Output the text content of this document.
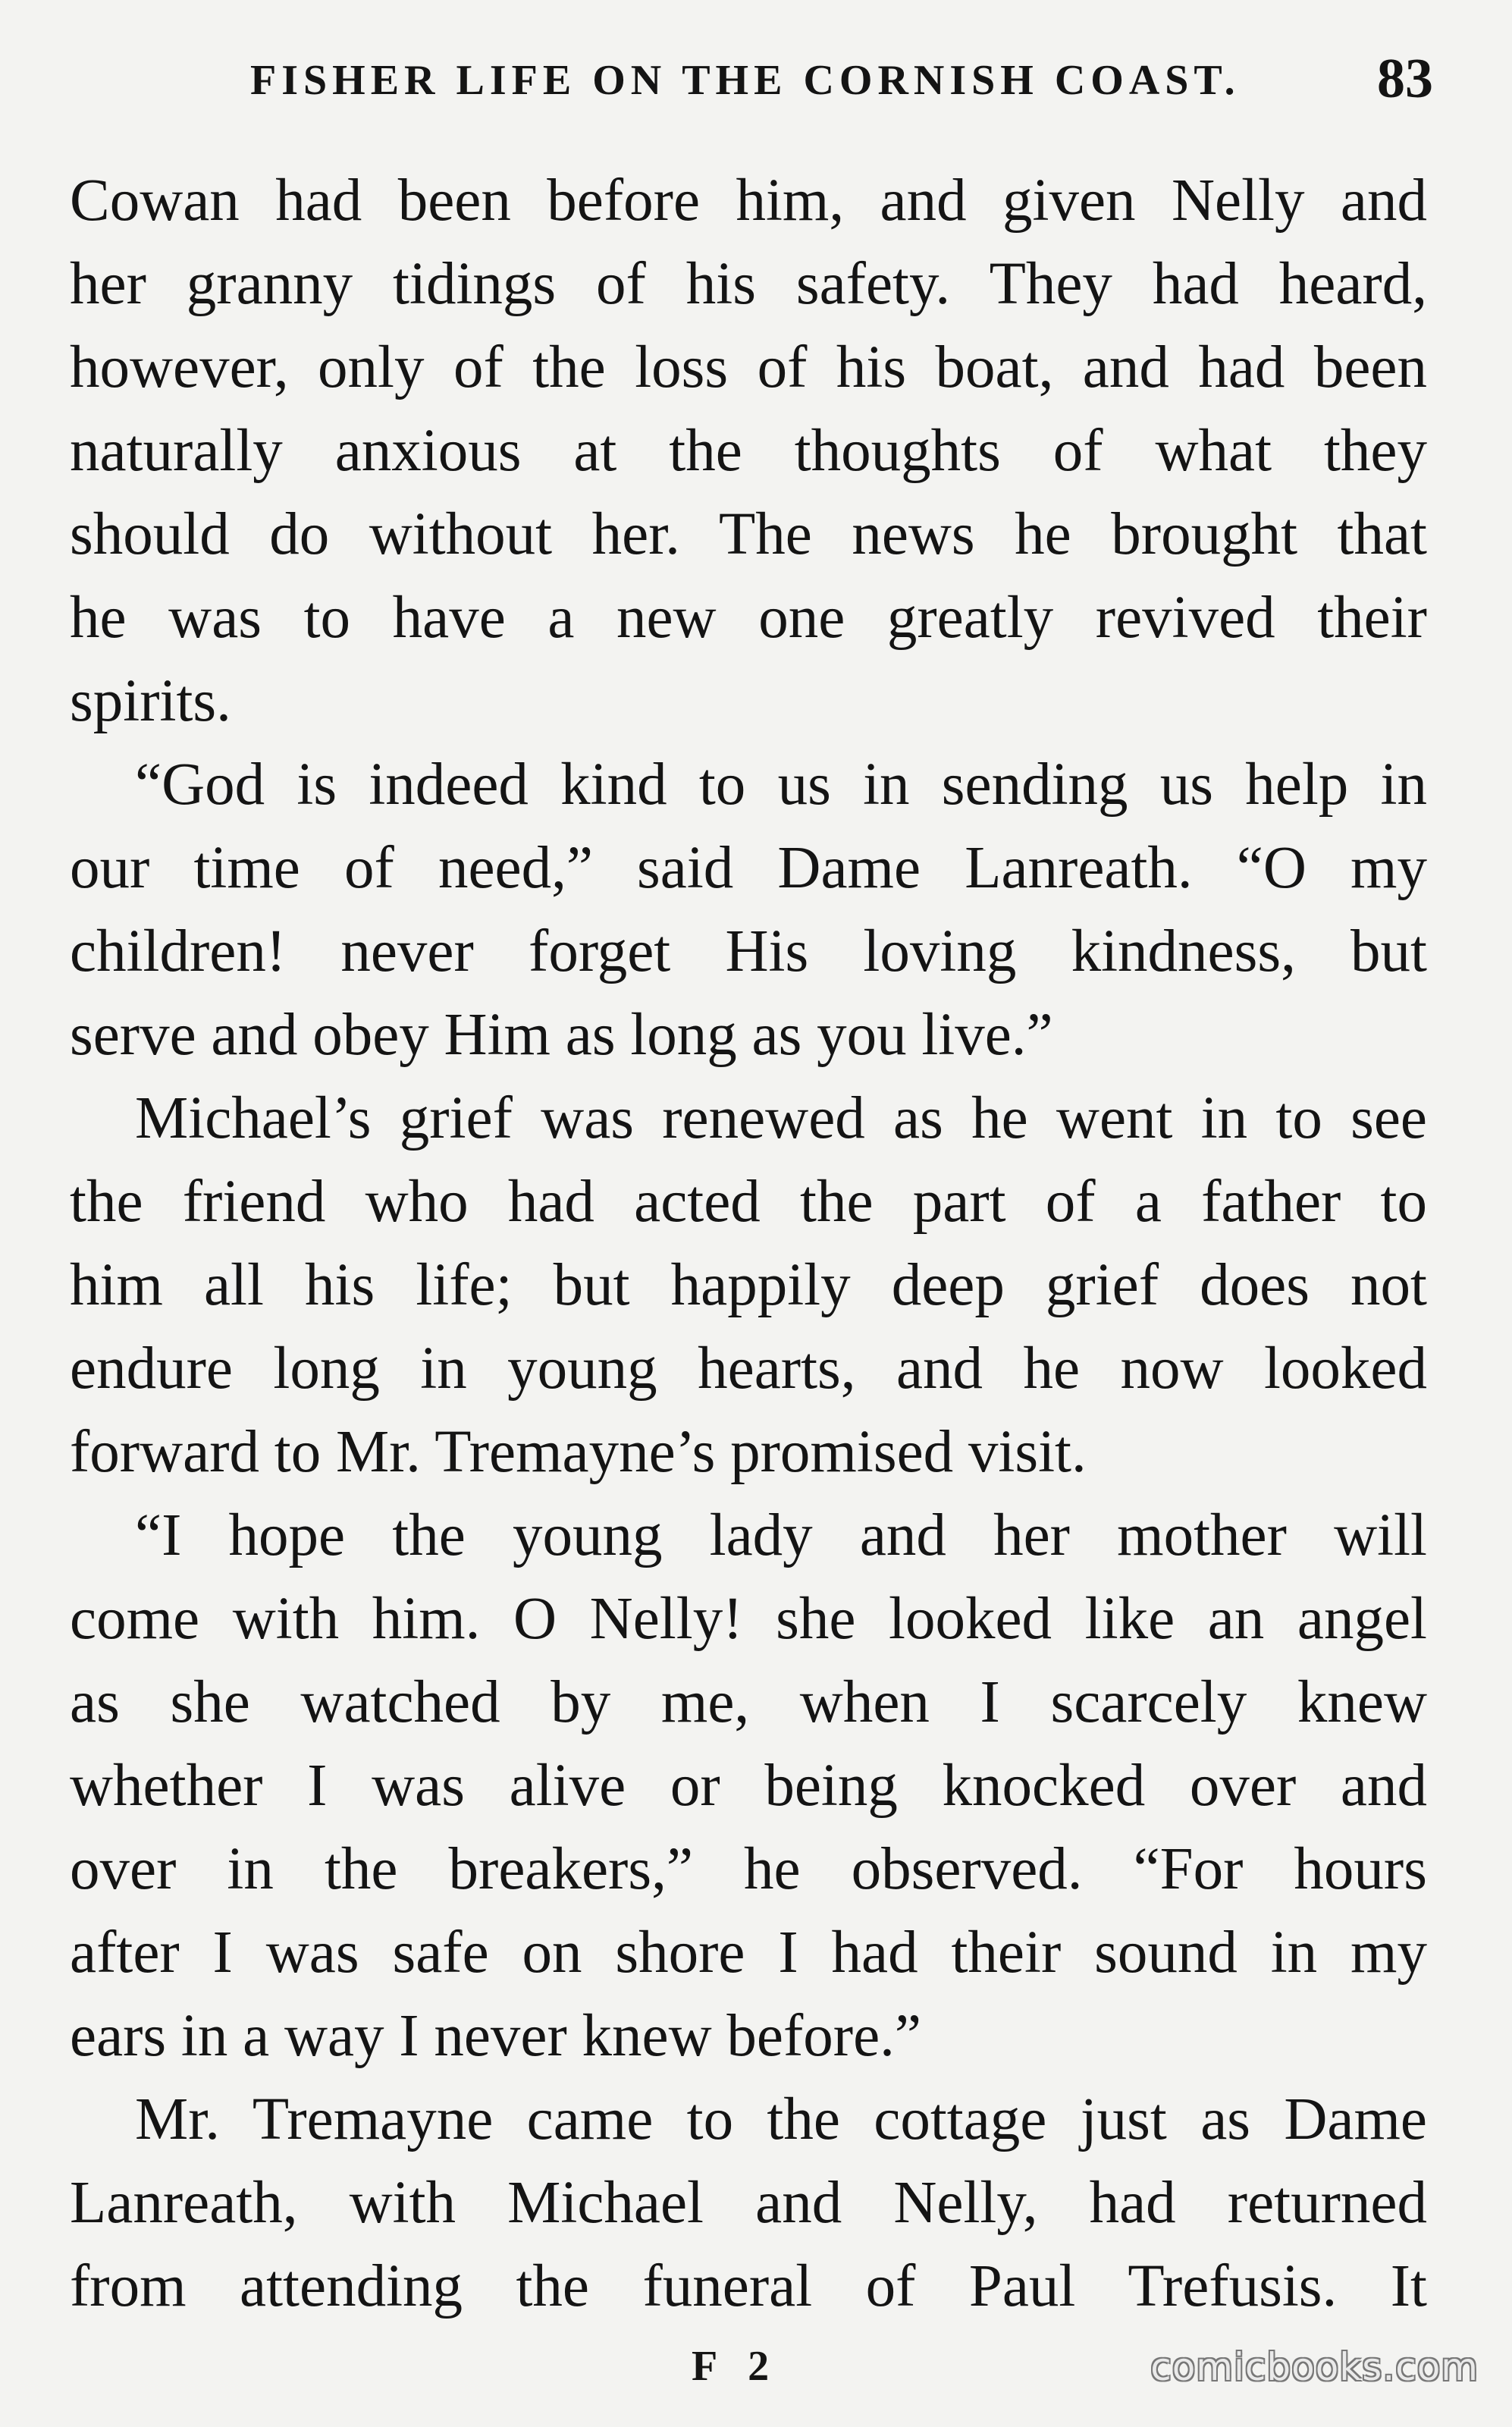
FISHER LIFE ON THE CORNISH COAST. 83

Cowan had been before him, and given Nelly and
her granny tidings of his safety. They had heard,
however, only of the loss of his boat, and had been
naturally anxious at the thoughts of what they
should do without her. The news he brought that
he was to have a new one greatly revived their
spirits.

“God is indeed kind to us in sending us help in
our time of need,” said Dame Lanreath. “O my
children! never forget His loving kindness, but
serve and obey Him as long as you live.”

Michael’s grief was renewed as he went in to see
the friend who had acted the part of a father to
him all his life; but happily deep grief does not
endure long in young hearts, and he now looked
forward to Mr. Tremayne’s promised visit.

“I hope the young lady and her mother will
come with him. O Nelly! she looked like an angel
as she watched by me, when I scarcely knew
whether I was alive or being knocked over and
over in the breakers,” he observed. “For hours
after I was safe on shore I had their sound in my
ears in a way I never knew before.”

Mr. Tremayne came to the cottage just as Dame
Lanreath, with Michael and Nelly, had returned
from attending the funeral of Paul Trefusis. It

F 2	comicbooks.com
